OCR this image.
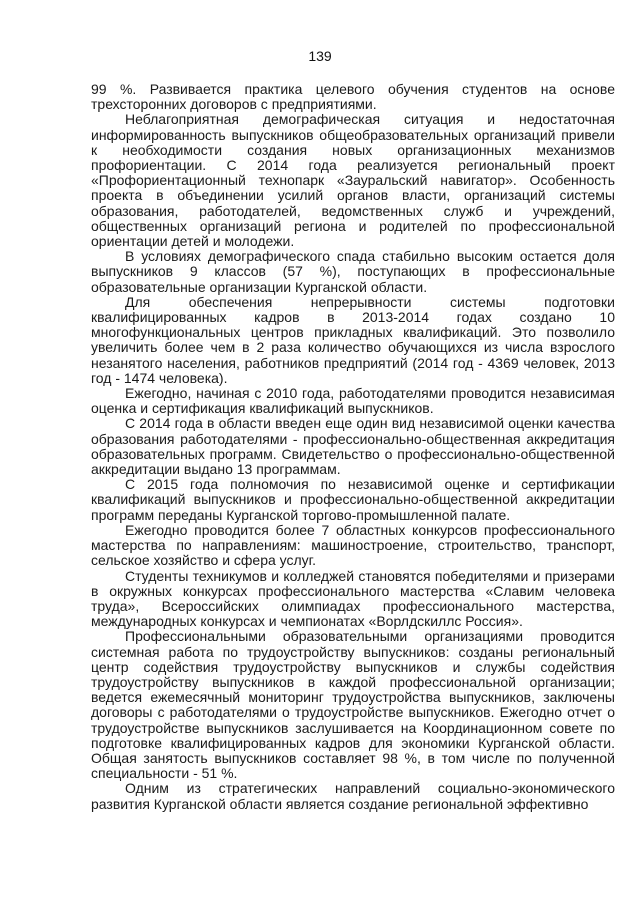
139

99 %. Развивается практика целевого обучения студентов на основе трехсторонних договоров с предприятиями.

Неблагоприятная демографическая ситуация и недостаточная информированность выпускников общеобразовательных организаций привели к необходимости создания новых организационных механизмов профориентации. С 2014 года реализуется региональный проект «Профориентационный технопарк «Зауральский навигатор». Особенность проекта в объединении усилий органов власти, организаций системы образования, работодателей, ведомственных служб и учреждений, общественных организаций региона и родителей по профессиональной ориентации детей и молодежи.

В условиях демографического спада стабильно высоким остается доля выпускников 9 классов (57 %), поступающих в профессиональные образовательные организации Курганской области.

Для обеспечения непрерывности системы подготовки квалифицированных кадров в 2013-2014 годах создано 10 многофункциональных центров прикладных квалификаций. Это позволило увеличить более чем в 2 раза количество обучающихся из числа взрослого незанятого населения, работников предприятий (2014 год - 4369 человек, 2013 год - 1474 человека).

Ежегодно, начиная с 2010 года, работодателями проводится независимая оценка и сертификация квалификаций выпускников.

С 2014 года в области введен еще один вид независимой оценки качества образования работодателями - профессионально-общественная аккредитация образовательных программ. Свидетельство о профессионально-общественной аккредитации выдано 13 программам.

С 2015 года полномочия по независимой оценке и сертификации квалификаций выпускников и профессионально-общественной аккредитации программ переданы Курганской торгово-промышленной палате.

Ежегодно проводится более 7 областных конкурсов профессионального мастерства по направлениям: машиностроение, строительство, транспорт, сельское хозяйство и сфера услуг.

Студенты техникумов и колледжей становятся победителями и призерами в окружных конкурсах профессионального мастерства «Славим человека труда», Всероссийских олимпиадах профессионального мастерства, международных конкурсах и чемпионатах «Ворлдскиллс Россия».

Профессиональными образовательными организациями проводится системная работа по трудоустройству выпускников: созданы региональный центр содействия трудоустройству выпускников и службы содействия трудоустройству выпускников в каждой профессиональной организации; ведется ежемесячный мониторинг трудоустройства выпускников, заключены договоры с работодателями о трудоустройстве выпускников. Ежегодно отчет о трудоустройстве выпускников заслушивается на Координационном совете по подготовке квалифицированных кадров для экономики Курганской области. Общая занятость выпускников составляет 98 %, в том числе по полученной специальности - 51 %.

Одним из стратегических направлений социально-экономического развития Курганской области является создание региональной эффективно
